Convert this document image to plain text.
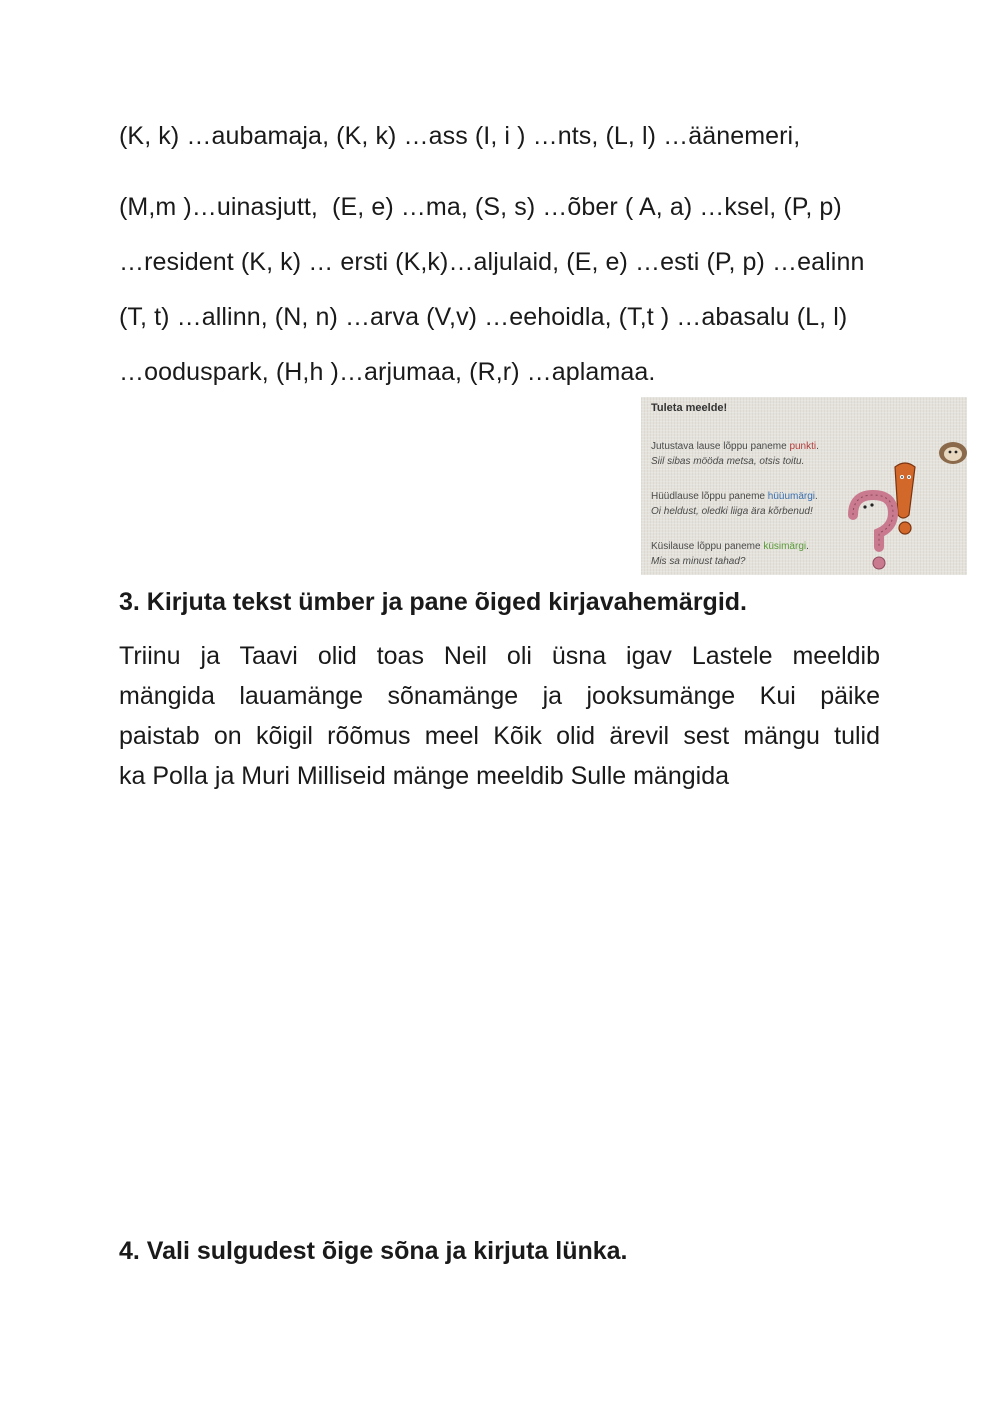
(K, k) …aubamaja, (K, k) …ass (I, i ) …nts, (L, l) …äänemeri,
(M,m )…uinasjutt,  (E, e) …ma, (S, s) …õber ( A, a) …ksel, (P, p)
…resident (K, k) … ersti (K,k)…aljulaid, (E, e) …esti (P, p) …ealinn
(T, t) …allinn, (N, n) …arva (V,v) …eehoidla, (T,t ) …abasalu (L, l)
…ooduspark, (H,h )…arjumaa, (R,r) …aplamaa.
Tuleta meelde!
Jutustava lause lõppu paneme punkti.
Siil sibas mööda metsa, otsis toitu.
Hüüdlause lõppu paneme hüüumärgi.
Oi heldust, oledki liiga ära kõrbenud!
Küsilause lõppu paneme küsimärgi.
Mis sa minust tahad?
3. Kirjuta tekst ümber ja pane õiged kirjavahemärgid.
Triinu ja Taavi olid toas Neil oli üsna igav Lastele meeldib
mängida lauamänge sõnamänge ja jooksumänge Kui päike
paistab on kõigil rõõmus meel Kõik olid ärevil sest mängu tulid
ka Polla ja Muri Milliseid mänge meeldib Sulle mängida
4. Vali sulgudest õige sõna ja kirjuta lünka.
